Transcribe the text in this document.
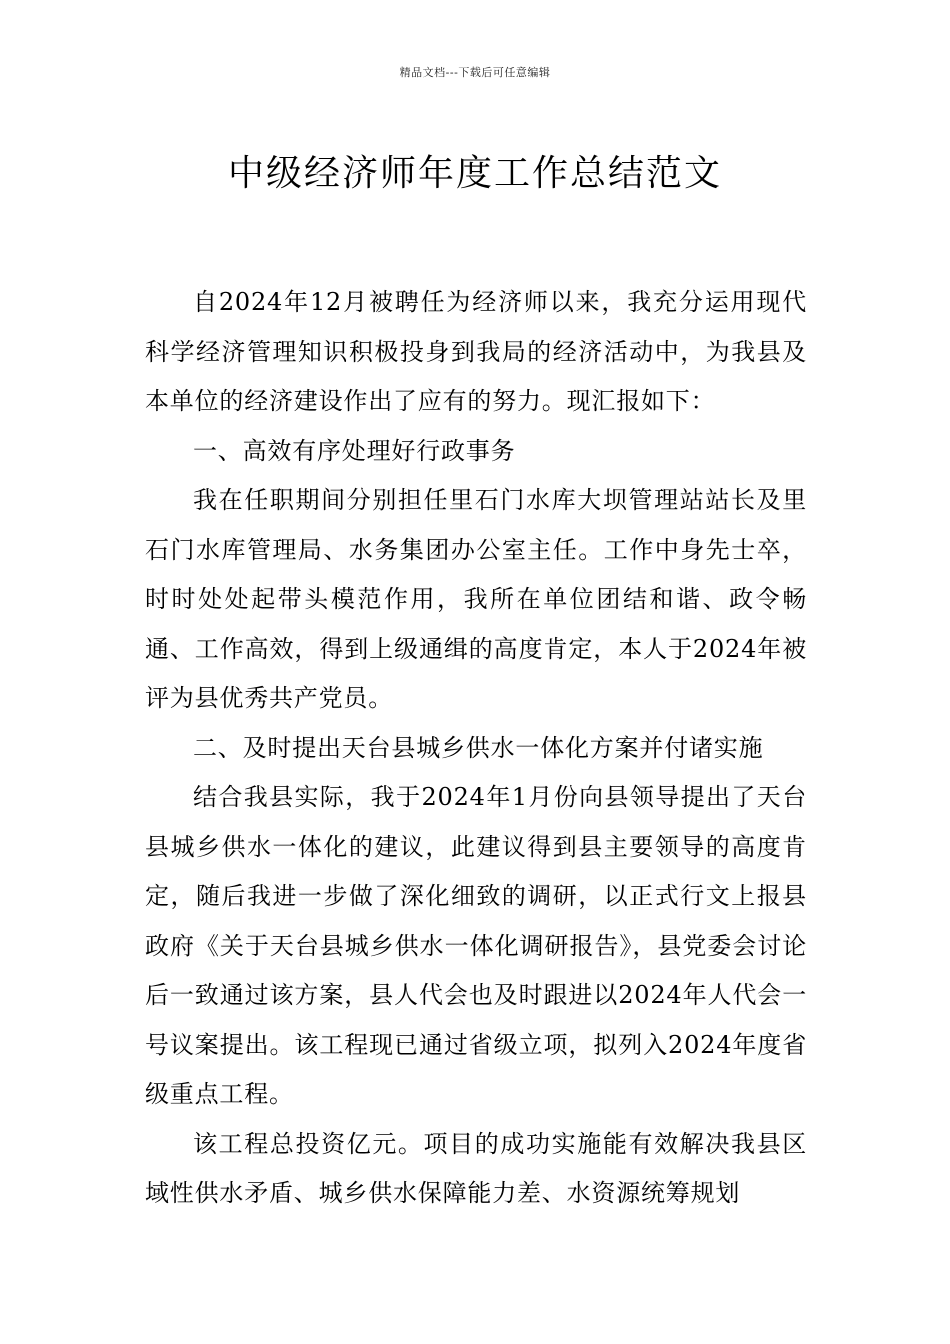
精品文档---下载后可任意编辑
中级经济师年度工作总结范文

自2024年12月被聘任为经济师以来，我充分运用现代科学经济管理知识积极投身到我局的经济活动中，为我县及本单位的经济建设作出了应有的努力。现汇报如下：

一、高效有序处理好行政事务

我在任职期间分别担任里石门水库大坝管理站站长及里石门水库管理局、水务集团办公室主任。工作中身先士卒，时时处处起带头模范作用，我所在单位团结和谐、政令畅通、工作高效，得到上级通缉的高度肯定，本人于2024年被评为县优秀共产党员。

二、及时提出天台县城乡供水一体化方案并付诸实施

结合我县实际，我于2024年1月份向县领导提出了天台县城乡供水一体化的建议，此建议得到县主要领导的高度肯定，随后我进一步做了深化细致的调研，以正式行文上报县政府《关于天台县城乡供水一体化调研报告》，县党委会讨论后一致通过该方案，县人代会也及时跟进以2024年人代会一号议案提出。该工程现已通过省级立项，拟列入2024年度省级重点工程。

该工程总投资亿元。项目的成功实施能有效解决我县区域性供水矛盾、城乡供水保障能力差、水资源统筹规划
